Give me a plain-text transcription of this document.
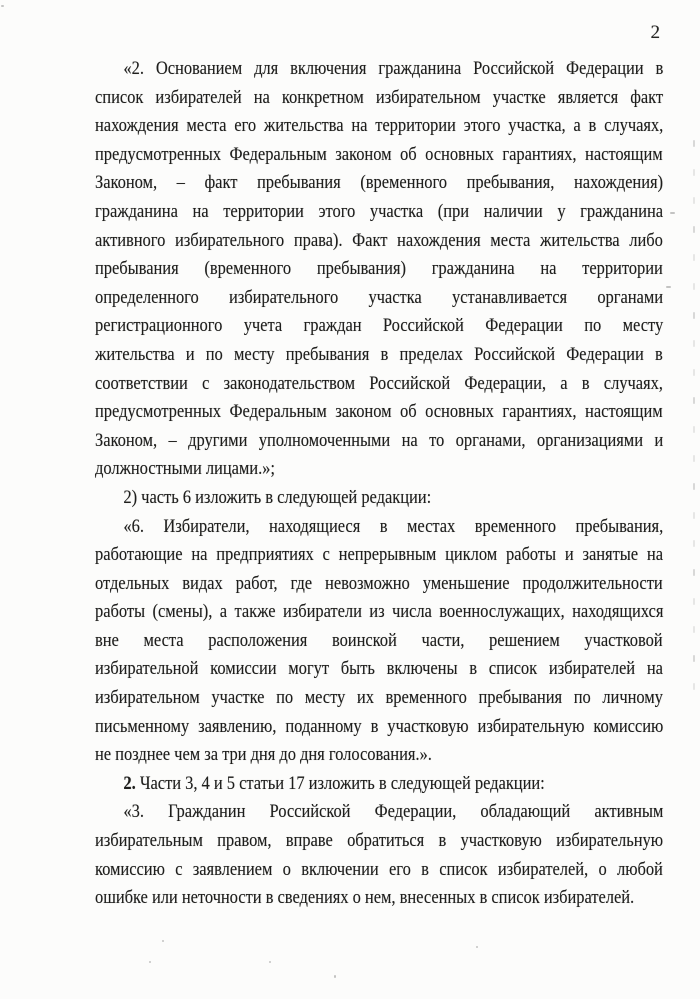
2
«2. Основанием для включения гражданина Российской Федерации в
список избирателей на конкретном избирательном участке является факт
нахождения места его жительства на территории этого участка, а в случаях,
предусмотренных Федеральным законом об основных гарантиях, настоящим
Законом, – факт пребывания (временного пребывания, нахождения)
гражданина на территории этого участка (при наличии у гражданина
активного избирательного права). Факт нахождения места жительства либо
пребывания (временного пребывания) гражданина на территории
определенного избирательного участка устанавливается органами
регистрационного учета граждан Российской Федерации по месту
жительства и по месту пребывания в пределах Российской Федерации в
соответствии с законодательством Российской Федерации, а в случаях,
предусмотренных Федеральным законом об основных гарантиях, настоящим
Законом, – другими уполномоченными на то органами, организациями и
должностными лицами.»;
2) часть 6 изложить в следующей редакции:
«6. Избиратели, находящиеся в местах временного пребывания,
работающие на предприятиях с непрерывным циклом работы и занятые на
отдельных видах работ, где невозможно уменьшение продолжительности
работы (смены), а также избиратели из числа военнослужащих, находящихся
вне места расположения воинской части, решением участковой
избирательной комиссии могут быть включены в список избирателей на
избирательном участке по месту их временного пребывания по личному
письменному заявлению, поданному в участковую избирательную комиссию
не позднее чем за три дня до дня голосования.».
2. Части 3, 4 и 5 статьи 17 изложить в следующей редакции:
«3. Гражданин Российской Федерации, обладающий активным
избирательным правом, вправе обратиться в участковую избирательную
комиссию с заявлением о включении его в список избирателей, о любой
ошибке или неточности в сведениях о нем, внесенных в список избирателей.
